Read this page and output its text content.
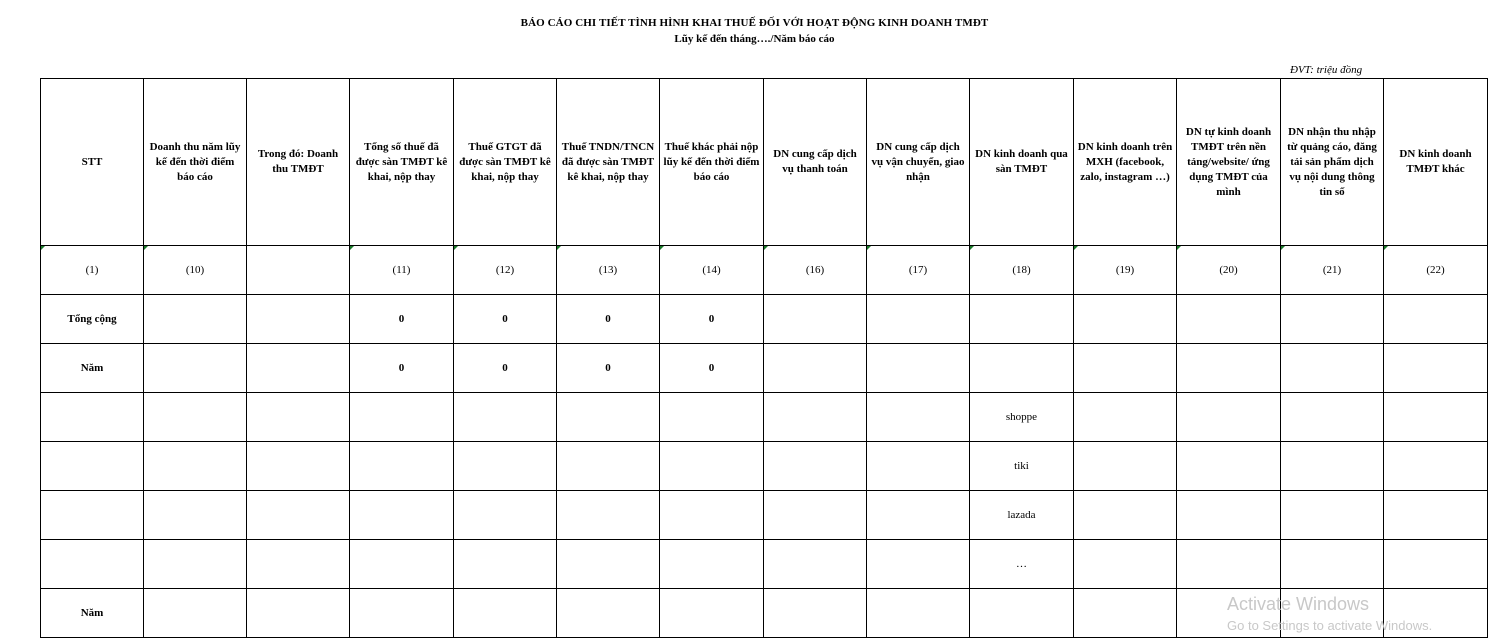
BÁO CÁO CHI TIẾT TÌNH HÌNH KHAI THUẾ ĐỐI VỚI HOẠT ĐỘNG KINH DOANH TMĐT
Lũy kế đến tháng…./Năm báo cáo
ĐVT: triệu đồng
STT	Doanh thu năm lũy kế đến thời điểm báo cáo	Trong đó: Doanh thu TMĐT	Tổng số thuế đã được sàn TMĐT kê khai, nộp thay	Thuế GTGT đã được sàn TMĐT kê khai, nộp thay	Thuế TNDN/TNCN đã được sàn TMĐT kê khai, nộp thay	Thuế khác phải nộp lũy kế đến thời điểm báo cáo	DN cung cấp dịch vụ thanh toán	DN cung cấp dịch vụ vận chuyển, giao nhận	DN kinh doanh qua sàn TMĐT	DN kinh doanh trên MXH (facebook, zalo, instagram …)	DN tự kinh doanh TMĐT trên nền tảng/website/ ứng dụng TMĐT của mình	DN nhận thu nhập từ quảng cáo, đăng tải sản phẩm dịch vụ nội dung thông tin số	DN kinh doanh TMĐT khác
(1)	(10)		(11)	(12)	(13)	(14)	(16)	(17)	(18)	(19)	(20)	(21)	(22)
Tổng cộng			0	0	0	0							
Năm			0	0	0	0							
									shoppe				
									tiki				
									lazada				
									…				
Năm														Activate Windows
Go to Settings to activate Windows.
